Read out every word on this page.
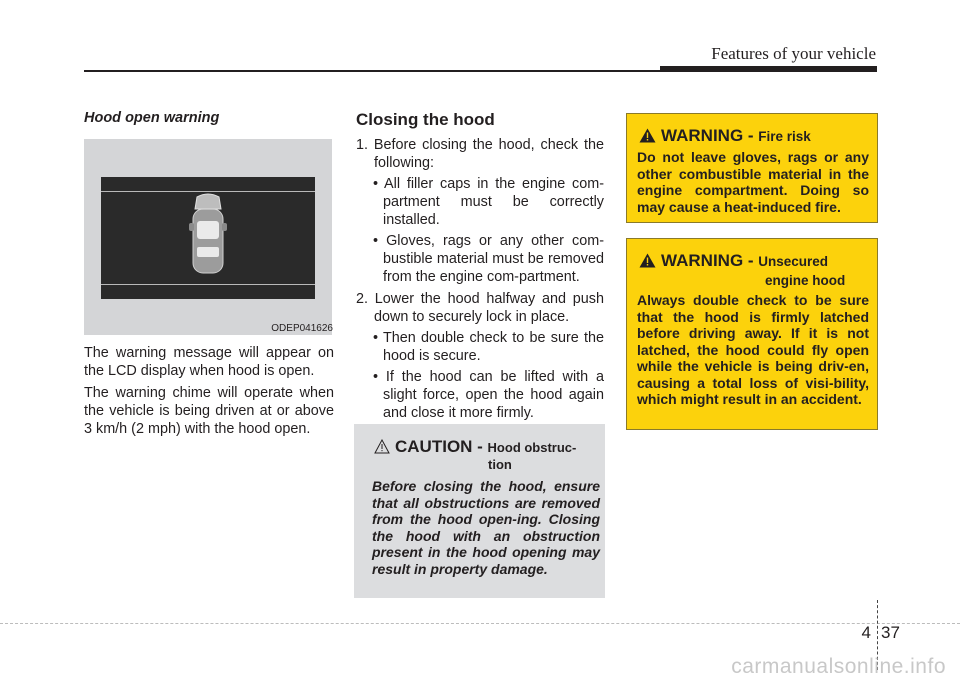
Features of your vehicle
Hood open warning
ODEP041626

The warning message will appear on the LCD display when hood is open.

The warning chime will operate when the vehicle is being driven at or above 3 km/h (2 mph) with the hood open.

Closing the hood

1. Before closing the hood, check the following:

• All filler caps in the engine com-partment must be correctly installed.

• Gloves, rags or any other com-bustible material must be removed from the engine com-partment.

2. Lower the hood halfway and push down to securely lock in place.

• Then double check to be sure the hood is secure.

• If the hood can be lifted with a slight force, open the hood again and close it more firmly.

CAUTION - Hood obstruc-
tion
Before closing the hood, ensure that all obstructions are removed from the hood open-ing. Closing the hood with an obstruction present in the hood opening may result in property damage.
WARNING - Fire risk
Do not leave gloves, rags or any other combustible material in the engine compartment. Doing so may cause a heat-induced fire.
WARNING - Unsecured
engine hood
Always double check to be sure that the hood is firmly latched before driving away. If it is not latched, the hood could fly open while the vehicle is being driv-en, causing a total loss of visi-bility, which might result in an accident.
4 37
carmanualsonline.info
